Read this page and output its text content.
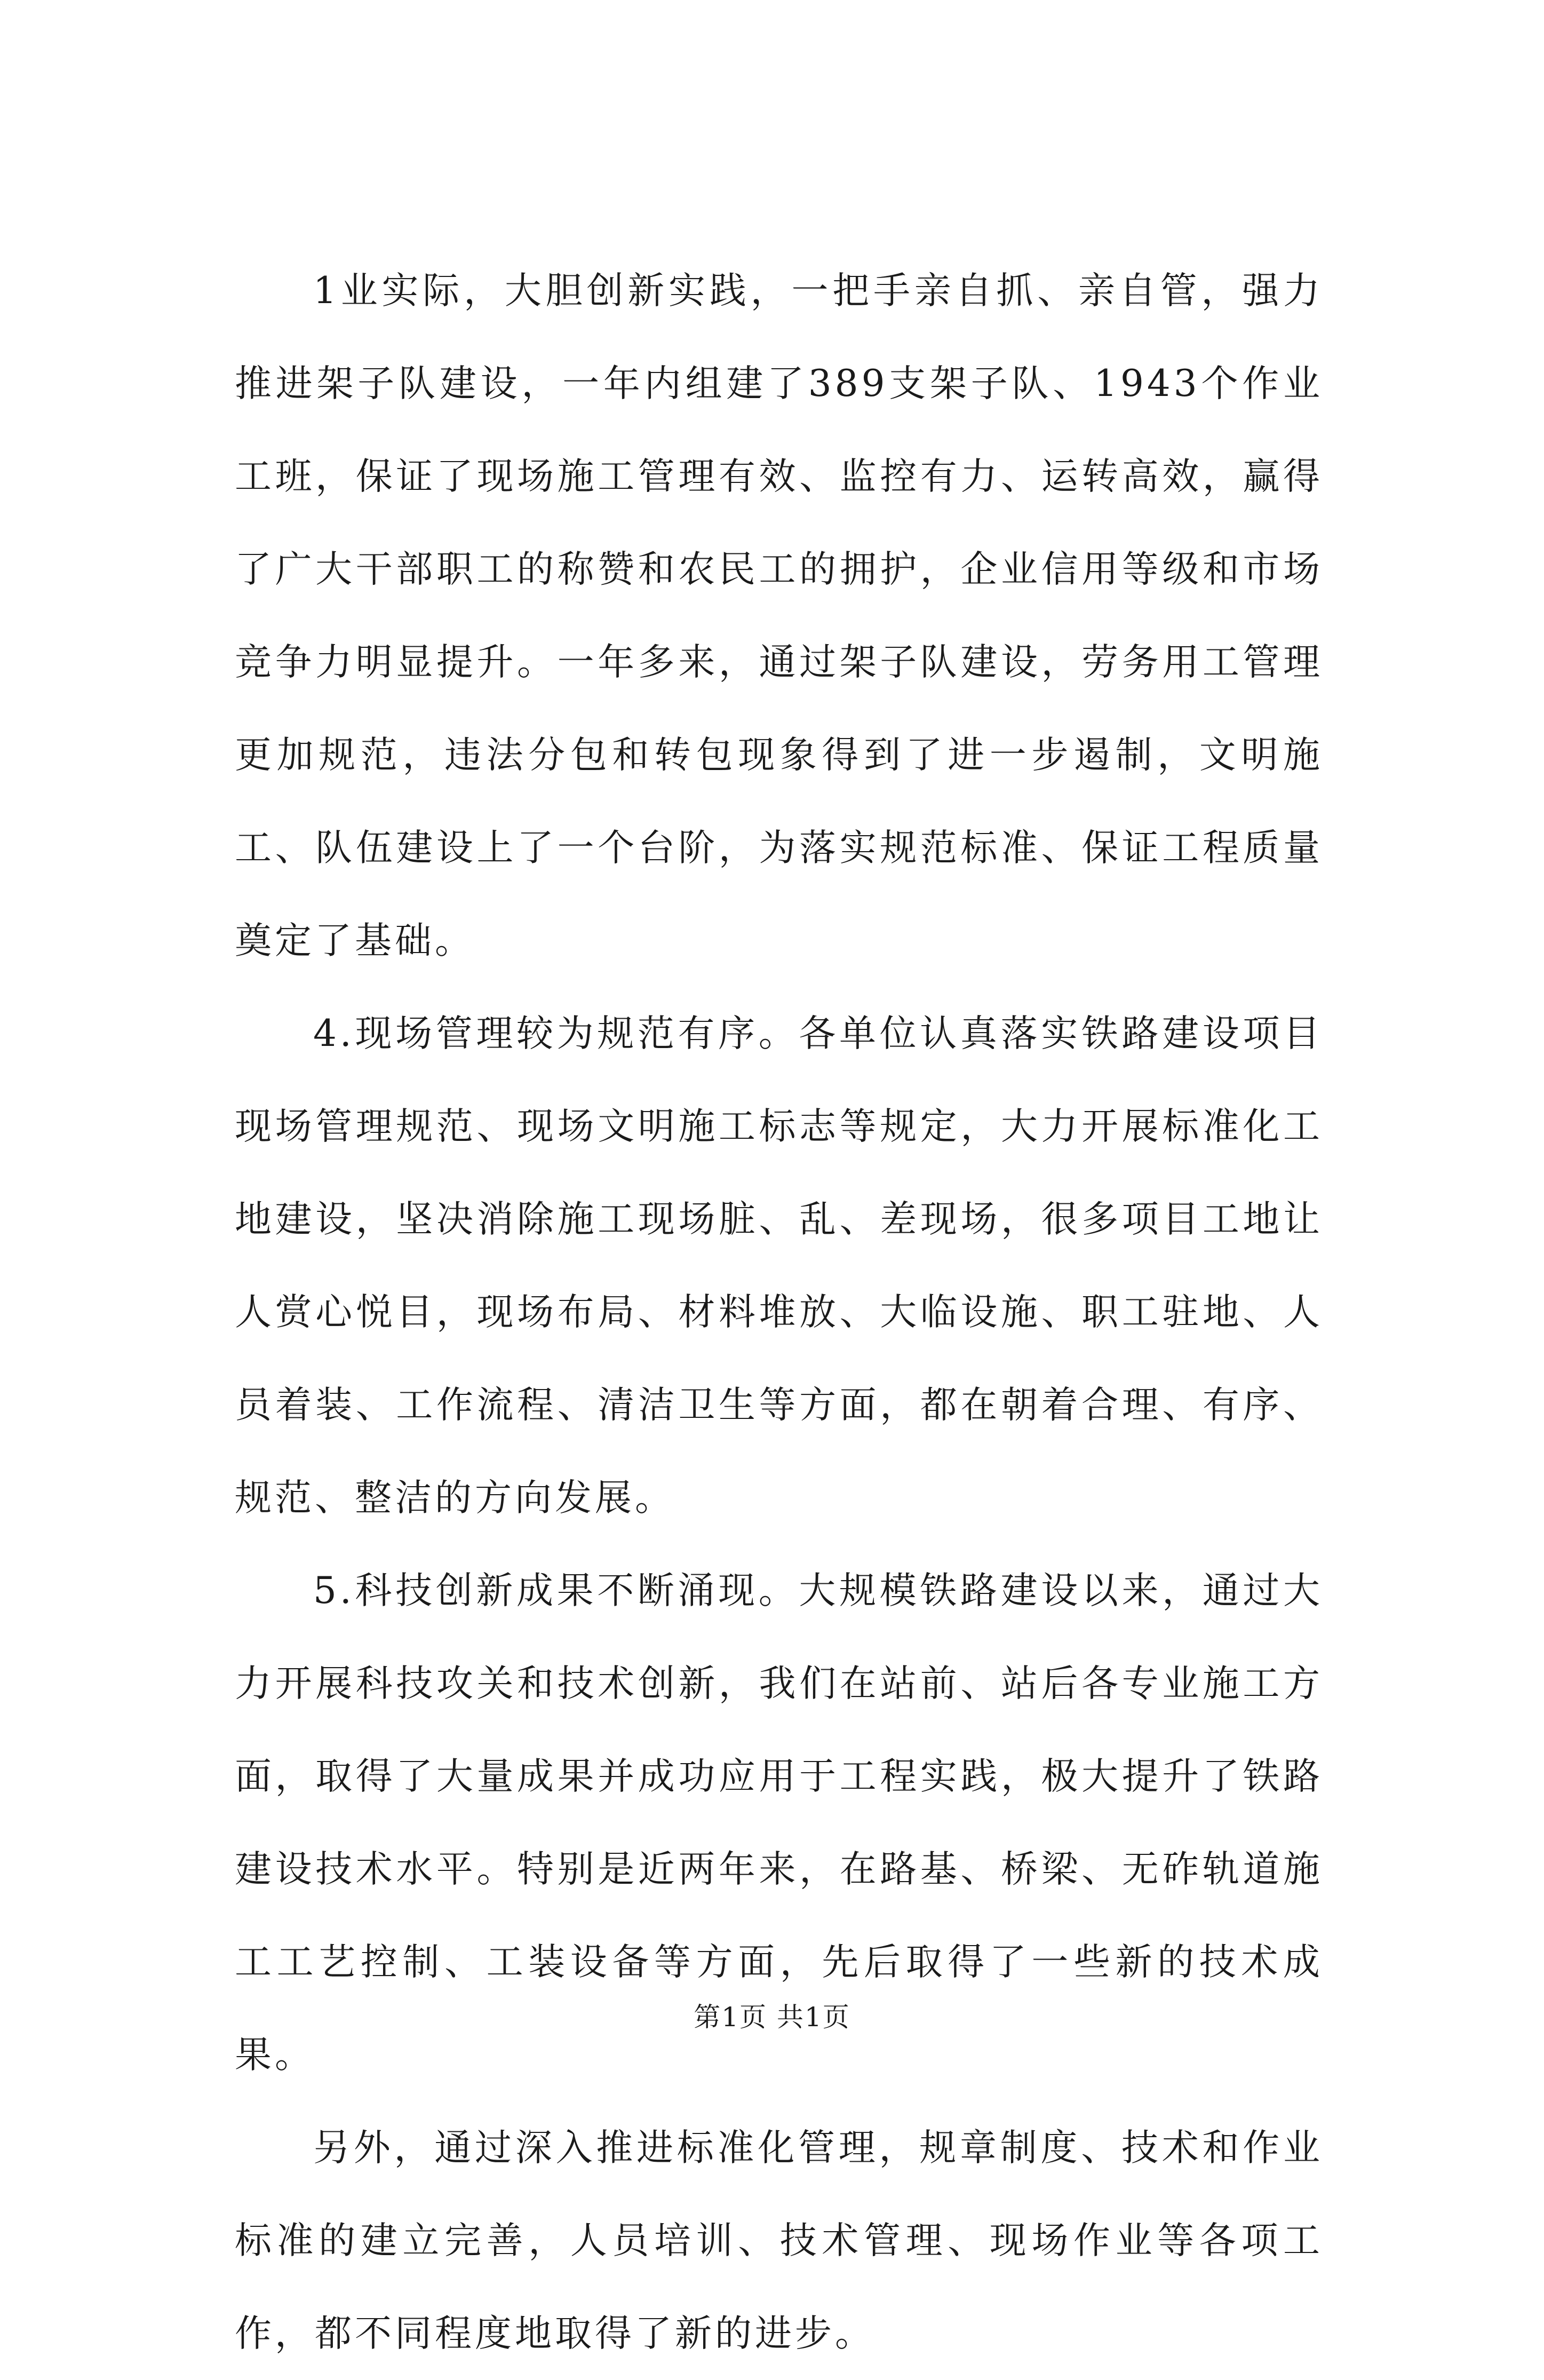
1业实际，大胆创新实践，一把手亲自抓、亲自管，强力推进架子队建设，一年内组建了389支架子队、1943个作业工班，保证了现场施工管理有效、监控有力、运转高效，赢得了广大干部职工的称赞和农民工的拥护，企业信用等级和市场竞争力明显提升。一年多来，通过架子队建设，劳务用工管理更加规范，违法分包和转包现象得到了进一步遏制，文明施工、队伍建设上了一个台阶，为落实规范标准、保证工程质量奠定了基础。

4.现场管理较为规范有序。各单位认真落实铁路建设项目现场管理规范、现场文明施工标志等规定，大力开展标准化工地建设，坚决消除施工现场脏、乱、差现场，很多项目工地让人赏心悦目，现场布局、材料堆放、大临设施、职工驻地、人员着装、工作流程、清洁卫生等方面，都在朝着合理、有序、规范、整洁的方向发展。

5.科技创新成果不断涌现。大规模铁路建设以来，通过大力开展科技攻关和技术创新，我们在站前、站后各专业施工方面，取得了大量成果并成功应用于工程实践，极大提升了铁路建设技术水平。特别是近两年来，在路基、桥梁、无砟轨道施工工艺控制、工装设备等方面，先后取得了一些新的技术成果。

另外，通过深入推进标准化管理，规章制度、技术和作业标准的建立完善，人员培训、技术管理、现场作业等各项工作，都不同程度地取得了新的进步。

第1页 共1页
